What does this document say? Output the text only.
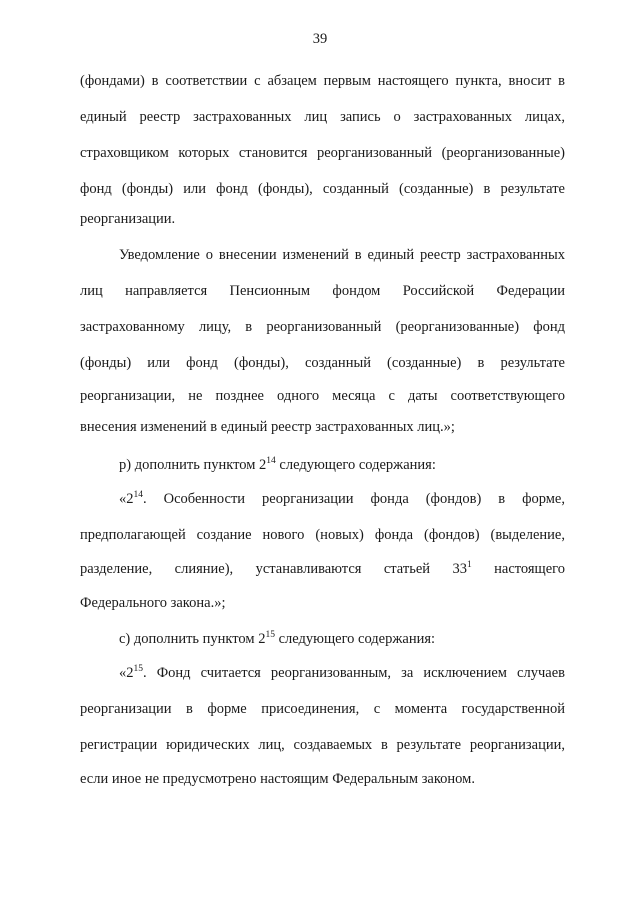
39
(фондами) в соответствии с абзацем первым настоящего пункта, вносит в
единый реестр застрахованных лиц запись о застрахованных лицах,
страховщиком которых становится реорганизованный (реорганизованные)
фонд (фонды) или фонд (фонды), созданный (созданные) в результате
реорганизации.
Уведомление о внесении изменений в единый реестр застрахованных
лиц направляется Пенсионным фондом Российской Федерации
застрахованному лицу, в реорганизованный (реорганизованные) фонд
(фонды) или фонд (фонды), созданный (созданные) в результате
реорганизации, не позднее одного месяца с даты соответствующего
внесения изменений в единый реестр застрахованных лиц.»;
р) дополнить пунктом $2^{14}$ следующего содержания:
«$2^{14}$. Особенности реорганизации фонда (фондов) в форме,
предполагающей создание нового (новых) фонда (фондов) (выделение,
разделение, слияние), устанавливаются статьей $33^1$ настоящего
Федерального закона.»;
с) дополнить пунктом $2^{15}$ следующего содержания:
«$2^{15}$. Фонд считается реорганизованным, за исключением случаев
реорганизации в форме присоединения, с момента государственной
регистрации юридических лиц, создаваемых в результате реорганизации,
если иное не предусмотрено настоящим Федеральным законом.
